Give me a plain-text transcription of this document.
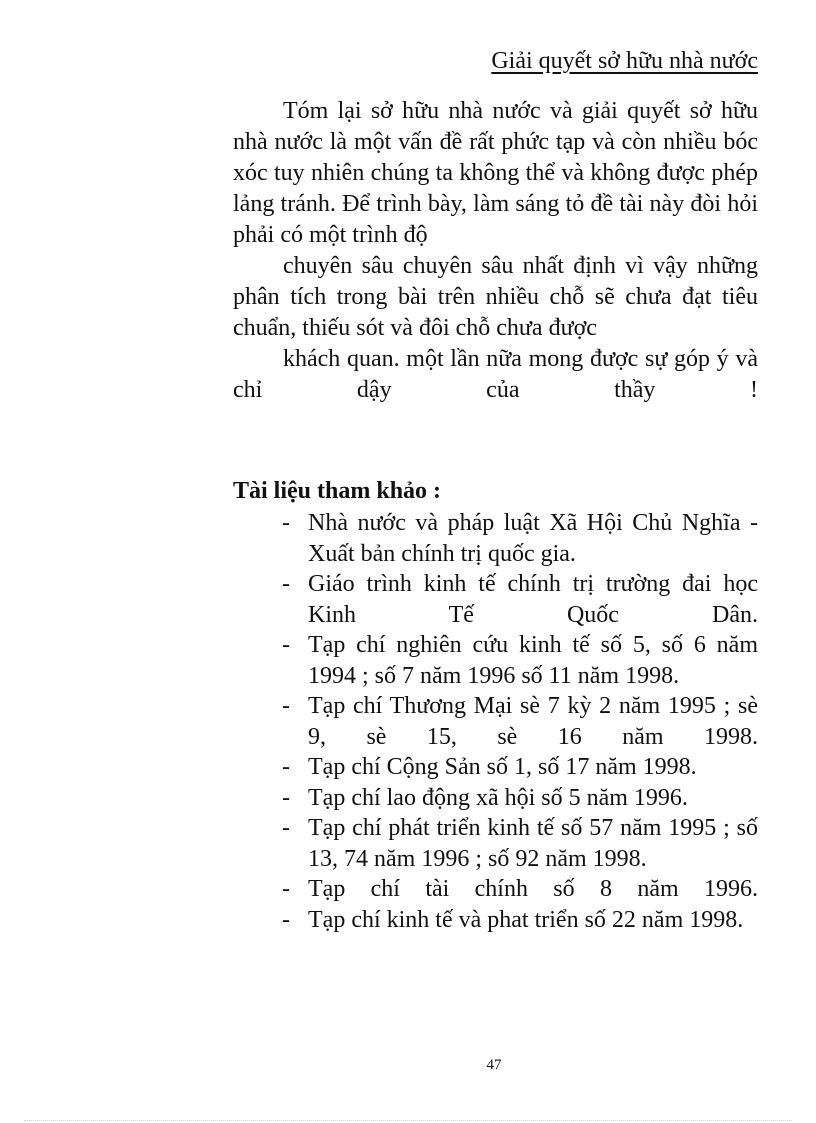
Giải quyết sở hữu nhà nước

Tóm lại sở hữu nhà nước và giải quyết sở hữu nhà nước là một vấn đề rất phức tạp và còn nhiều bóc xóc tuy nhiên chúng ta không thể và không được phép lảng tránh. Để trình bày, làm sáng tỏ đề tài này đòi hỏi phải có một trình độ

chuyên sâu chuyên sâu nhất định vì vậy những phân tích trong bài trên nhiều chỗ sẽ chưa đạt tiêu chuẩn, thiếu sót và đôi chỗ chưa được

khách quan. một lần nữa mong được sự góp ý và chỉ dậy của thầy !

Tài liệu tham khảo :
- Nhà nước và pháp luật Xã Hội Chủ Nghĩa - Xuất bản chính trị quốc gia.
- Giáo trình kinh tế chính trị trường đai học Kinh Tế Quốc Dân.
- Tạp chí nghiên cứu kinh tế số 5, số 6 năm 1994 ; số 7 năm 1996 số 11 năm 1998.
- Tạp chí Thương Mại sè 7 kỳ 2 năm 1995 ; sè 9, sè 15, sè 16 năm 1998.
- Tạp chí Cộng Sản số 1, số 17 năm 1998.
- Tạp chí lao động xã hội số 5 năm 1996.
- Tạp chí phát triển kinh tế số 57 năm 1995 ; số 13, 74 năm 1996 ; số 92 năm 1998.
- Tạp chí tài chính số 8 năm 1996.
- Tạp chí kinh tế và phat triển số 22 năm 1998.
47
